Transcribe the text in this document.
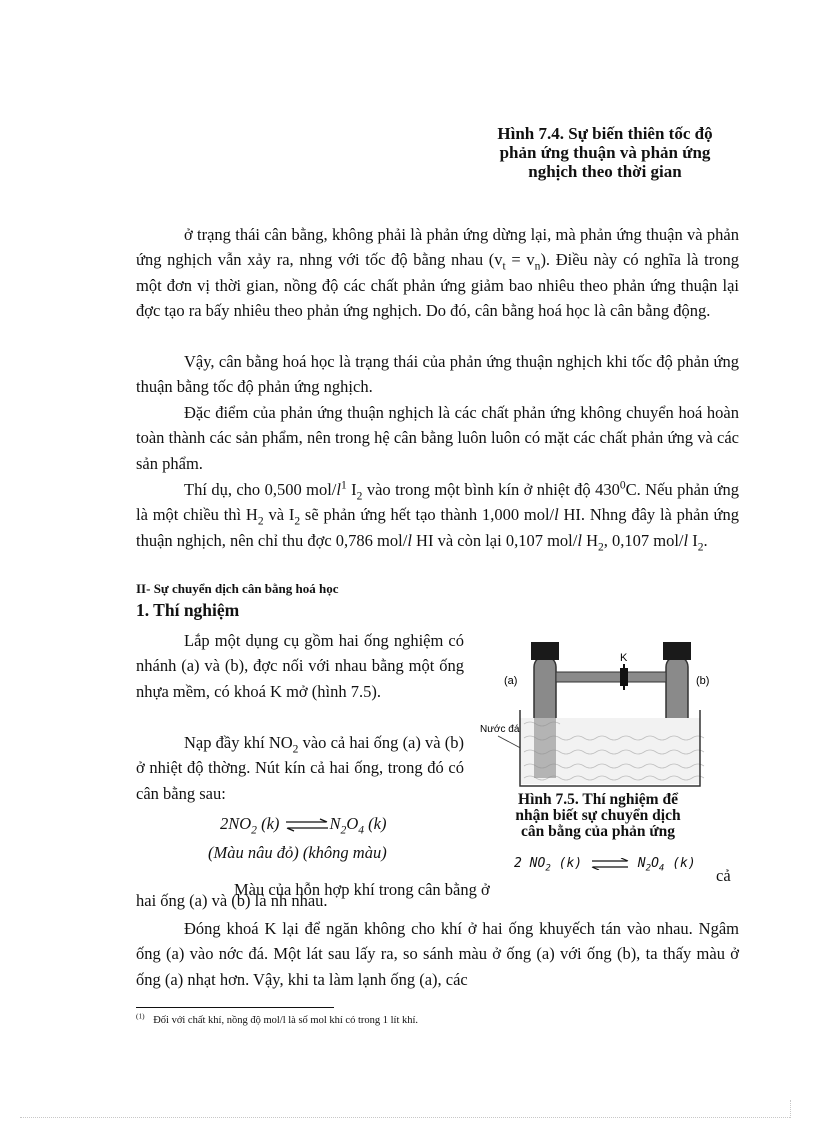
Hình 7.4. Sự biến thiên tốc độ
phản ứng thuận và phản ứng
nghịch theo thời gian
ở trạng thái cân bằng, không phải là phản ứng dừng lại, mà phản ứng thuận và phản ứng nghịch vẫn xảy ra, nhng với tốc độ bằng nhau $(v_t = v_n)$. Điều này có nghĩa là trong một đơn vị thời gian, nồng độ các chất phản ứng giảm bao nhiêu theo phản ứng thuận lại đợc tạo ra bấy nhiêu theo phản ứng nghịch. Do đó, cân bằng hoá học là cân bằng động.
Vậy, cân bằng hoá học là trạng thái của phản ứng thuận nghịch khi tốc độ phản ứng thuận bằng tốc độ phản ứng nghịch.
Đặc điểm của phản ứng thuận nghịch là các chất phản ứng không chuyển hoá hoàn toàn thành các sản phẩm, nên trong hệ cân bằng luôn luôn có mặt các chất phản ứng và các sản phẩm.
Thí dụ, cho 0,500 mol/$l^1$ $I_2$ vào trong một bình kín ở nhiệt độ $430^0C$. Nếu phản ứng là một chiều thì $H_2$ và $I_2$ sẽ phản ứng hết tạo thành 1,000 mol/l HI. Nhng đây là phản ứng thuận nghịch, nên chỉ thu đợc 0,786 mol/l HI và còn lại 0,107 mol/l $H_2$, 0,107 mol/l $I_2$.
II- Sự chuyển dịch cân bằng hoá học
1. Thí nghiệm
Lắp một dụng cụ gồm hai ống nghiệm có nhánh (a) và (b), đợc nối với nhau bằng một ống nhựa mềm, có khoá K mở (hình 7.5).
Nạp đầy khí $NO_2$ vào cả hai ống (a) và (b) ở nhiệt độ thờng. Nút kín cả hai ống, trong đó có cân bằng sau:
$2NO_2$ (k) $\rightleftharpoons N_2O_4$ (k)
(Màu nâu đỏ) (không màu)
K
(a)	(b)
Nước đá
Hình 7.5. Thí nghiệm để
nhận biết sự chuyển dịch
cân bằng của phản ứng
2 $NO_2$ (k) ⇌ $N_2O_4$ (k)
cả
Màu của hỗn hợp khí trong cân bằng ở
hai ống (a) và (b) là nh nhau.
Đóng khoá K lại để ngăn không cho khí ở hai ống khuyếch tán vào nhau. Ngâm ống (a) vào nớc đá. Một lát sau lấy ra, so sánh màu ở ống (a) với ống (b), ta thấy màu ở ống (a) nhạt hơn. Vậy, khi ta làm lạnh ống (a), các
$^{(1)}$ Đối với chất khí, nồng độ mol/l là số mol khí có trong 1 lít khí.
